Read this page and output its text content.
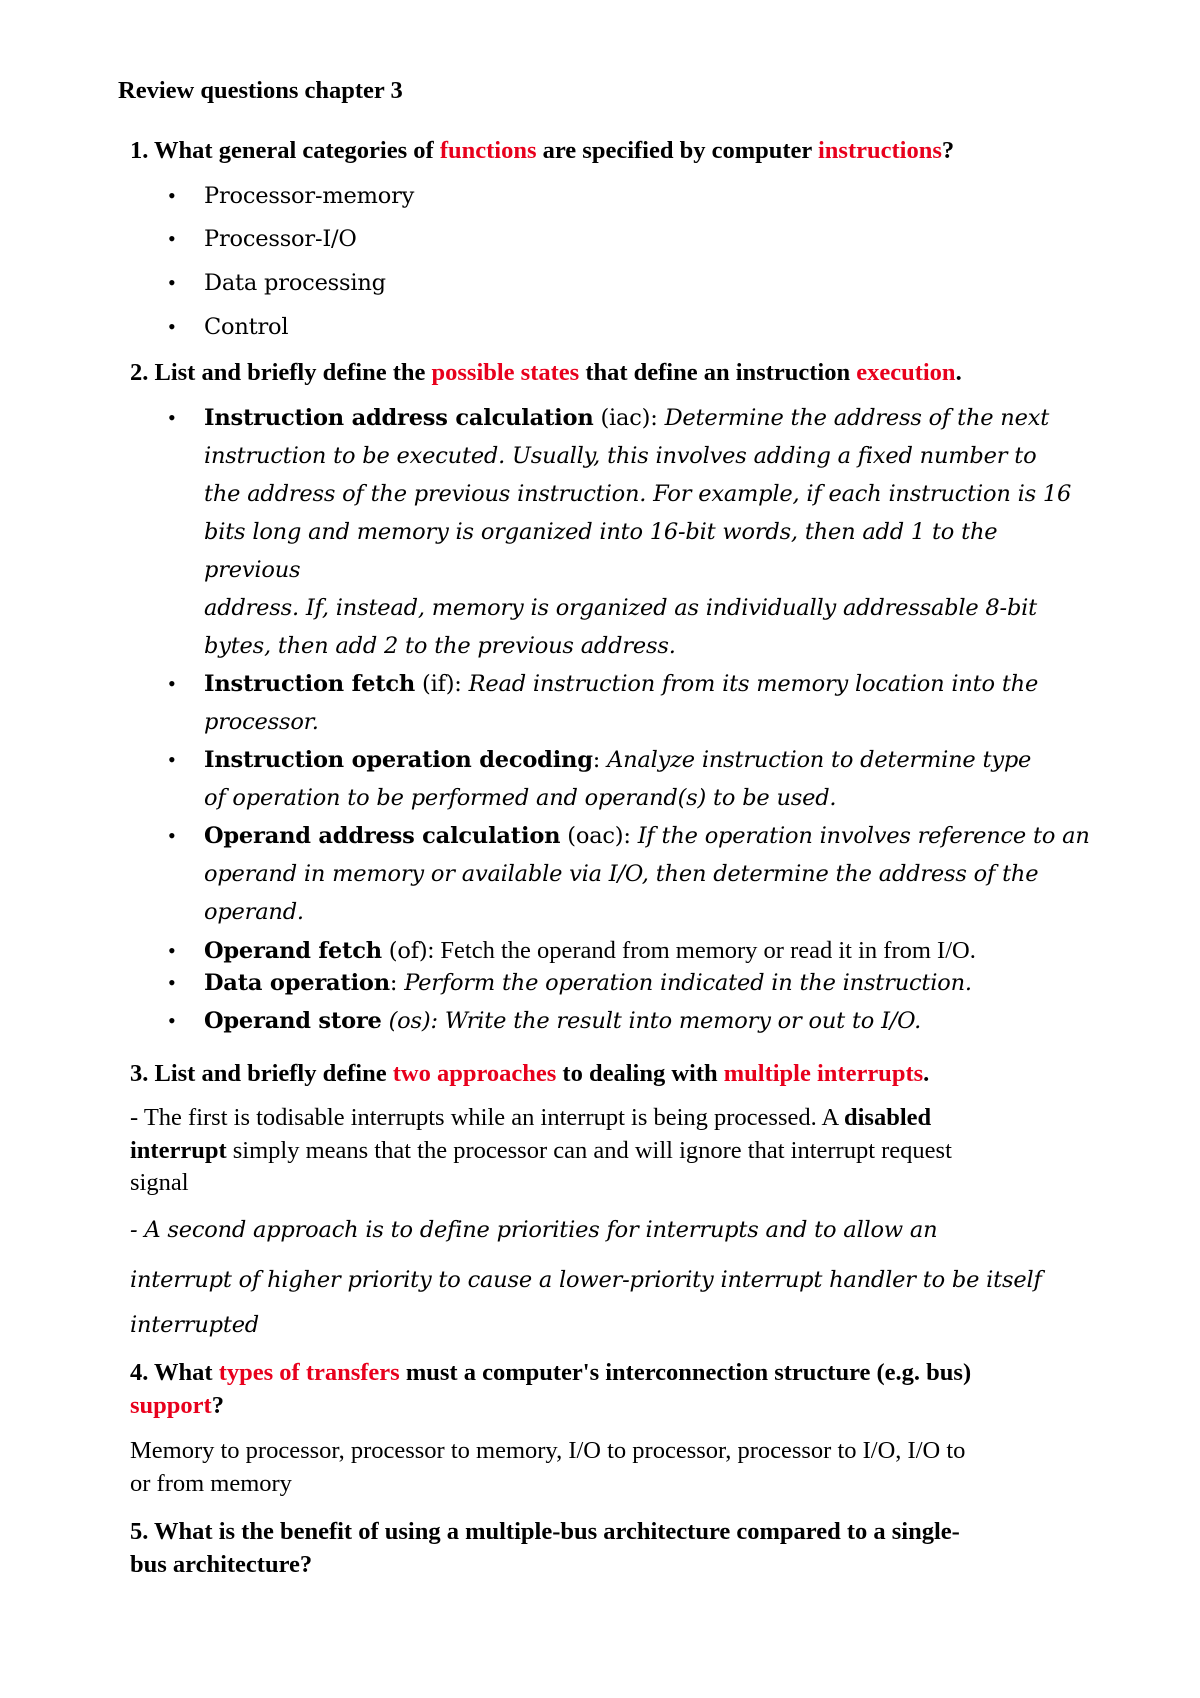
Review questions chapter 3
1. What general categories of functions are specified by computer instructions?
• Processor-memory
• Processor-I/O
• Data processing
• Control
2. List and briefly define the possible states that define an instruction execution.
• Instruction address calculation (iac): Determine the address of the next
instruction to be executed. Usually, this involves adding a fixed number to
the address of the previous instruction. For example, if each instruction is 16
bits long and memory is organized into 16-bit words, then add 1 to the
previous
address. If, instead, memory is organized as individually addressable 8-bit
bytes, then add 2 to the previous address.
• Instruction fetch (if): Read instruction from its memory location into the
processor.
• Instruction operation decoding: Analyze instruction to determine type
of operation to be performed and operand(s) to be used.
• Operand address calculation (oac): If the operation involves reference to an
operand in memory or available via I/O, then determine the address of the
operand.
• Operand fetch (of): Fetch the operand from memory or read it in from I/O.
• Data operation: Perform the operation indicated in the instruction.
• Operand store (os): Write the result into memory or out to I/O.
3. List and briefly define two approaches to dealing with multiple interrupts.
- The first is todisable interrupts while an interrupt is being processed. A disabled
interrupt simply means that the processor can and will ignore that interrupt request
signal
- A second approach is to define priorities for interrupts and to allow an
interrupt of higher priority to cause a lower-priority interrupt handler to be itself
interrupted
4. What types of transfers must a computer's interconnection structure (e.g. bus)
support?
Memory to processor, processor to memory, I/O to processor, processor to I/O, I/O to
or from memory
5. What is the benefit of using a multiple-bus architecture compared to a single-
bus architecture?
